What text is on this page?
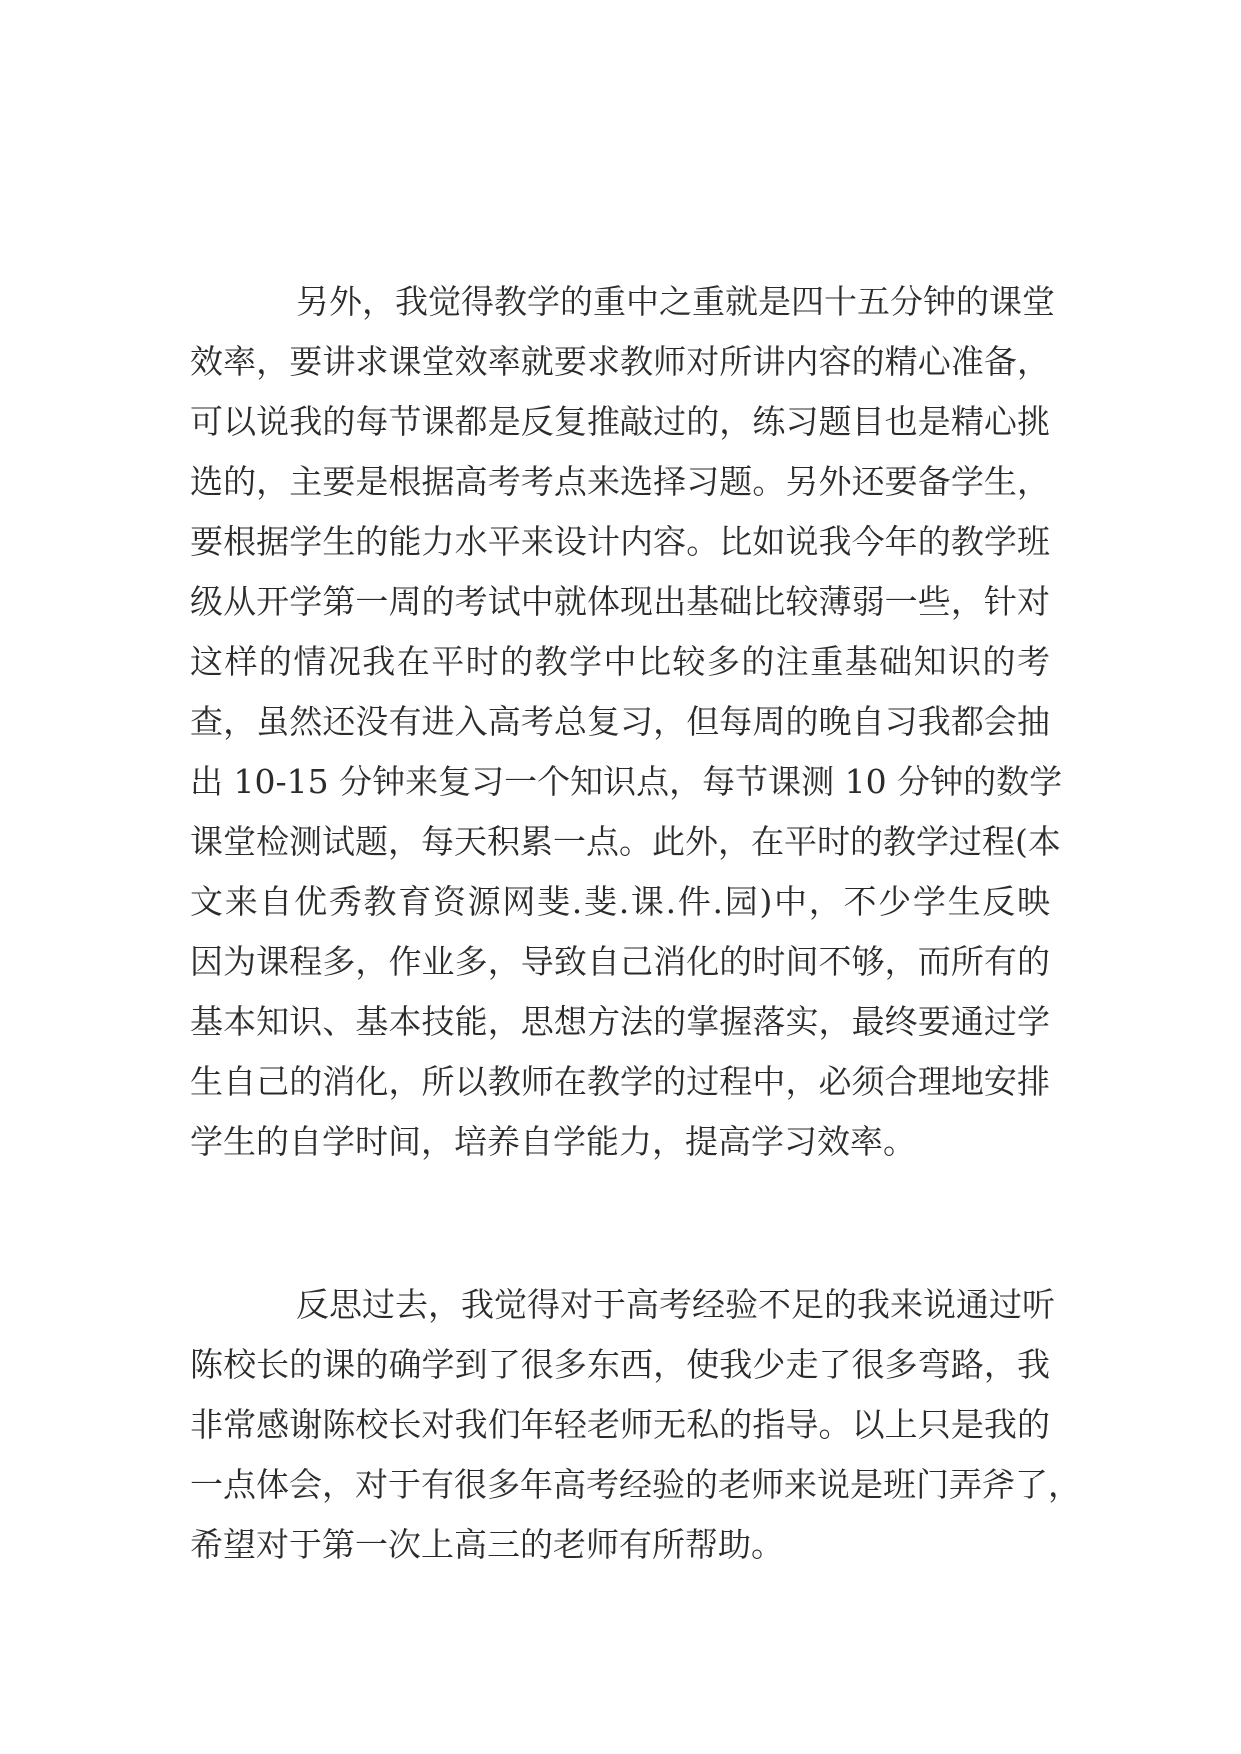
另外，我觉得教学的重中之重就是四十五分钟的课堂
效率，要讲求课堂效率就要求教师对所讲内容的精心准备，
可以说我的每节课都是反复推敲过的，练习题目也是精心挑
选的，主要是根据高考考点来选择习题。另外还要备学生，
要根据学生的能力水平来设计内容。比如说我今年的教学班
级从开学第一周的考试中就体现出基础比较薄弱一些，针对
这样的情况我在平时的教学中比较多的注重基础知识的考
查，虽然还没有进入高考总复习，但每周的晚自习我都会抽
出 10-15 分钟来复习一个知识点，每节课测 10 分钟的数学
课堂检测试题，每天积累一点。此外，在平时的教学过程(本
文来自优秀教育资源网斐.斐.课.件.园)中，不少学生反映
因为课程多，作业多，导致自己消化的时间不够，而所有的
基本知识、基本技能，思想方法的掌握落实，最终要通过学
生自己的消化，所以教师在教学的过程中，必须合理地安排
学生的自学时间，培养自学能力，提高学习效率。
反思过去，我觉得对于高考经验不足的我来说通过听
陈校长的课的确学到了很多东西，使我少走了很多弯路，我
非常感谢陈校长对我们年轻老师无私的指导。以上只是我的
一点体会，对于有很多年高考经验的老师来说是班门弄斧了，
希望对于第一次上高三的老师有所帮助。
